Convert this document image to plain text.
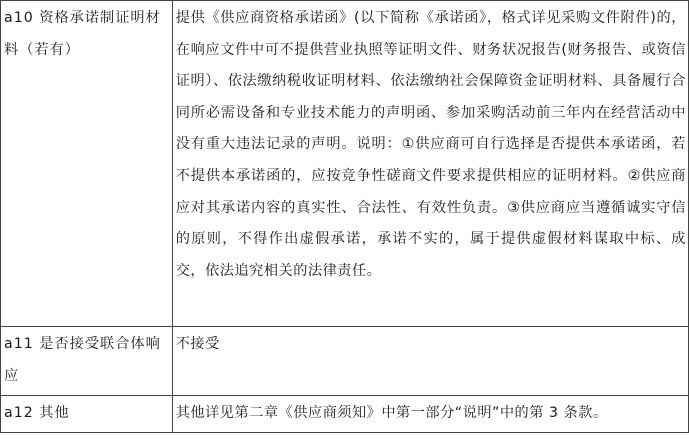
a10 资格承诺制证明材料（若有）	提供《供应商资格承诺函》(以下简称《承诺函》，格式详见采购文件附件)的，在响应文件中可不提供营业执照等证明文件、财务状况报告(财务报告、或资信证明）、依法缴纳税收证明材料、依法缴纳社会保障资金证明材料、具备履行合同所必需设备和专业技术能力的声明函、参加采购活动前三年内在经营活动中没有重大违法记录的声明。说明：①供应商可自行选择是否提供本承诺函，若不提供本承诺函的，应按竞争性磋商文件要求提供相应的证明材料。②供应商应对其承诺内容的真实性、合法性、有效性负责。③供应商应当遵循诚实守信的原则，不得作出虚假承诺，承诺不实的，属于提供虚假材料谋取中标、成交，依法追究相关的法律责任。
a11 是否接受联合体响应	不接受
a12 其他	其他详见第二章《供应商须知》中第一部分“说明”中的第 3 条款。
